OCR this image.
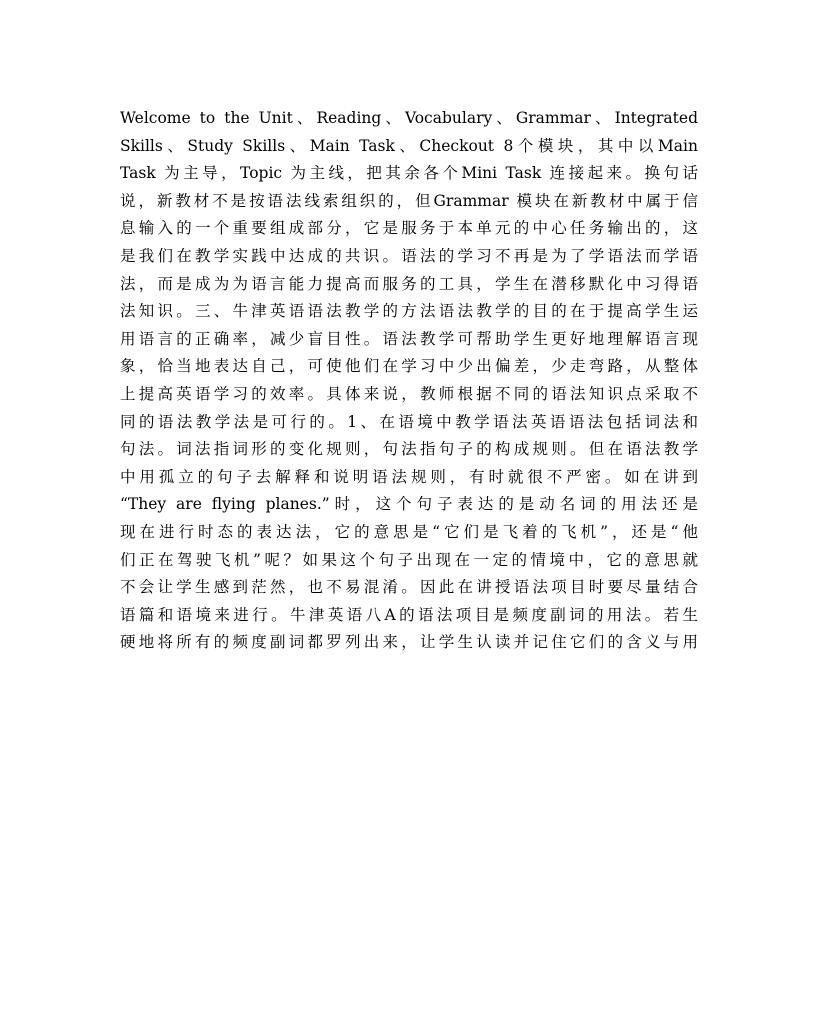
Welcome to the Unit、Reading、Vocabulary、Grammar、Integrated
Skills、Study Skills、Main Task、Checkout 8个模块，其中以Main
Task 为主导，Topic 为主线，把其余各个Mini Task 连接起来。换句话
说，新教材不是按语法线索组织的，但Grammar 模块在新教材中属于信
息输入的一个重要组成部分，它是服务于本单元的中心任务输出的，这
是我们在教学实践中达成的共识。语法的学习不再是为了学语法而学语
法，而是成为为语言能力提高而服务的工具，学生在潜移默化中习得语
法知识。三、牛津英语语法教学的方法语法教学的目的在于提高学生运
用语言的正确率，减少盲目性。语法教学可帮助学生更好地理解语言现
象，恰当地表达自己，可使他们在学习中少出偏差，少走弯路，从整体
上提高英语学习的效率。具体来说，教师根据不同的语法知识点采取不
同的语法教学法是可行的。1、在语境中教学语法英语语法包括词法和
句法。词法指词形的变化规则，句法指句子的构成规则。但在语法教学
中用孤立的句子去解释和说明语法规则，有时就很不严密。如在讲到
“They are flying planes.”时，这个句子表达的是动名词的用法还是
现在进行时态的表达法，它的意思是“它们是飞着的飞机”，还是“他
们正在驾驶飞机”呢？如果这个句子出现在一定的情境中，它的意思就
不会让学生感到茫然，也不易混淆。因此在讲授语法项目时要尽量结合
语篇和语境来进行。牛津英语八A的语法项目是频度副词的用法。若生
硬地将所有的频度副词都罗列出来，让学生认读并记住它们的含义与用
